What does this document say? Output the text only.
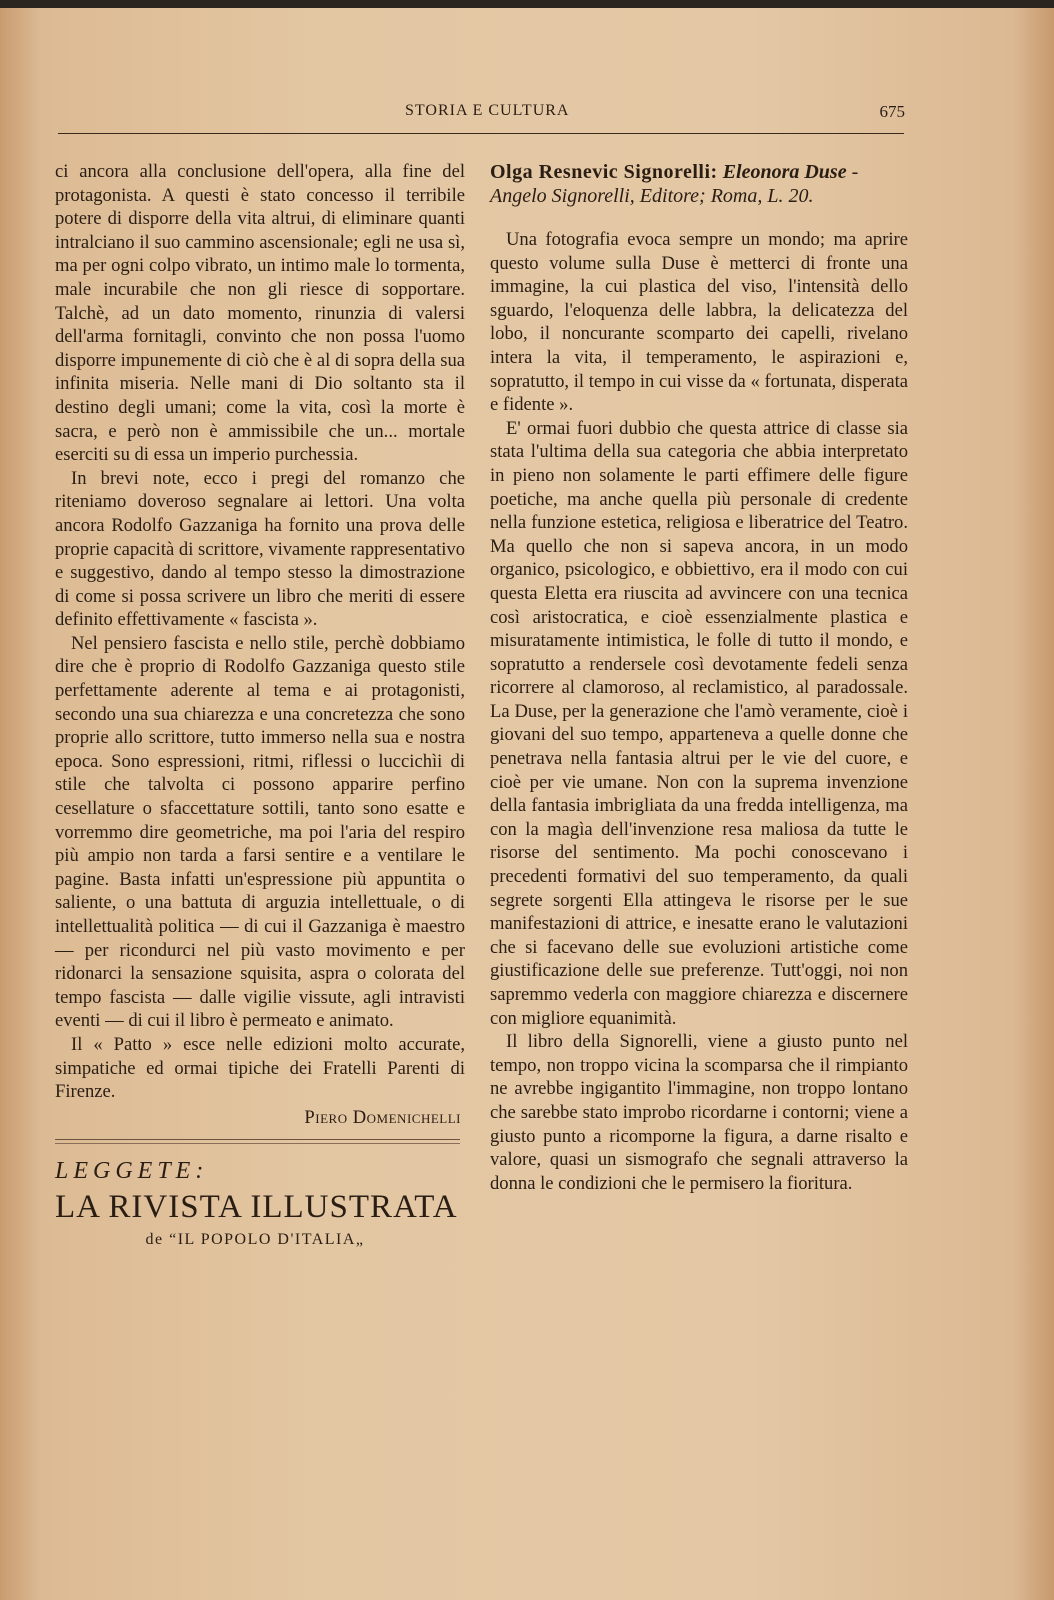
STORIA E CULTURA	675

ci ancora alla conclusione dell'opera, alla fine del protagonista. A questi è stato concesso il terribile potere di disporre della vita altrui, di eliminare quanti intralciano il suo cammino ascensionale; egli ne usa sì, ma per ogni colpo vibrato, un intimo male lo tormenta, male incurabile che non gli riesce di sopportare. Talchè, ad un dato momento, rinunzia di valersi dell'arma fornitagli, convinto che non possa l'uomo disporre impunemente di ciò che è al di sopra della sua infinita miseria. Nelle mani di Dio soltanto sta il destino degli umani; come la vita, così la morte è sacra, e però non è ammissibile che un... mortale eserciti su di essa un imperio purchessia.

In brevi note, ecco i pregi del romanzo che riteniamo doveroso segnalare ai lettori. Una volta ancora Rodolfo Gazzaniga ha fornito una prova delle proprie capacità di scrittore, vivamente rappresentativo e suggestivo, dando al tempo stesso la dimostrazione di come si possa scrivere un libro che meriti di essere definito effettivamente « fascista ».

Nel pensiero fascista e nello stile, perchè dobbiamo dire che è proprio di Rodolfo Gazzaniga questo stile perfettamente aderente al tema e ai protagonisti, secondo una sua chiarezza e una concretezza che sono proprie allo scrittore, tutto immerso nella sua e nostra epoca. Sono espressioni, ritmi, riflessi o luccichìi di stile che talvolta ci possono apparire perfino cesellature o sfaccettature sottili, tanto sono esatte e vorremmo dire geometriche, ma poi l'aria del respiro più ampio non tarda a farsi sentire e a ventilare le pagine. Basta infatti un'espressione più appuntita o saliente, o una battuta di arguzia intellettuale, o di intellettualità politica — di cui il Gazzaniga è maestro — per ricondurci nel più vasto movimento e per ridonarci la sensazione squisita, aspra o colorata del tempo fascista — dalle vigilie vissute, agli intravisti eventi — di cui il libro è permeato e animato.

Il « Patto » esce nelle edizioni molto accurate, simpatiche ed ormai tipiche dei Fratelli Parenti di Firenze.

Piero Domenichelli

LEGGETE:
LA RIVISTA ILLUSTRATA
de “IL POPOLO D'ITALIA„

Olga Resnevic Signorelli: Eleonora Duse - Angelo Signorelli, Editore; Roma, L. 20.

Una fotografia evoca sempre un mondo; ma aprire questo volume sulla Duse è metterci di fronte una immagine, la cui plastica del viso, l'intensità dello sguardo, l'eloquenza delle labbra, la delicatezza del lobo, il noncurante scomparto dei capelli, rivelano intera la vita, il temperamento, le aspirazioni e, sopratutto, il tempo in cui visse da « fortunata, disperata e fidente ».

E' ormai fuori dubbio che questa attrice di classe sia stata l'ultima della sua categoria che abbia interpretato in pieno non solamente le parti effimere delle figure poetiche, ma anche quella più personale di credente nella funzione estetica, religiosa e liberatrice del Teatro. Ma quello che non si sapeva ancora, in un modo organico, psicologico, e obbiettivo, era il modo con cui questa Eletta era riuscita ad avvincere con una tecnica così aristocratica, e cioè essenzialmente plastica e misuratamente intimistica, le folle di tutto il mondo, e sopratutto a rendersele così devotamente fedeli senza ricorrere al clamoroso, al reclamistico, al paradossale. La Duse, per la generazione che l'amò veramente, cioè i giovani del suo tempo, apparteneva a quelle donne che penetrava nella fantasia altrui per le vie del cuore, e cioè per vie umane. Non con la suprema invenzione della fantasia imbrigliata da una fredda intelligenza, ma con la magìa dell'invenzione resa maliosa da tutte le risorse del sentimento. Ma pochi conoscevano i precedenti formativi del suo temperamento, da quali segrete sorgenti Ella attingeva le risorse per le sue manifestazioni di attrice, e inesatte erano le valutazioni che si facevano delle sue evoluzioni artistiche come giustificazione delle sue preferenze. Tutt'oggi, noi non sapremmo vederla con maggiore chiarezza e discernere con migliore equanimità.

Il libro della Signorelli, viene a giusto punto nel tempo, non troppo vicina la scomparsa che il rimpianto ne avrebbe ingigantito l'immagine, non troppo lontano che sarebbe stato improbo ricordarne i contorni; viene a giusto punto a ricomporne la figura, a darne risalto e valore, quasi un sismografo che segnali attraverso la donna le condizioni che le permisero la fioritura.
